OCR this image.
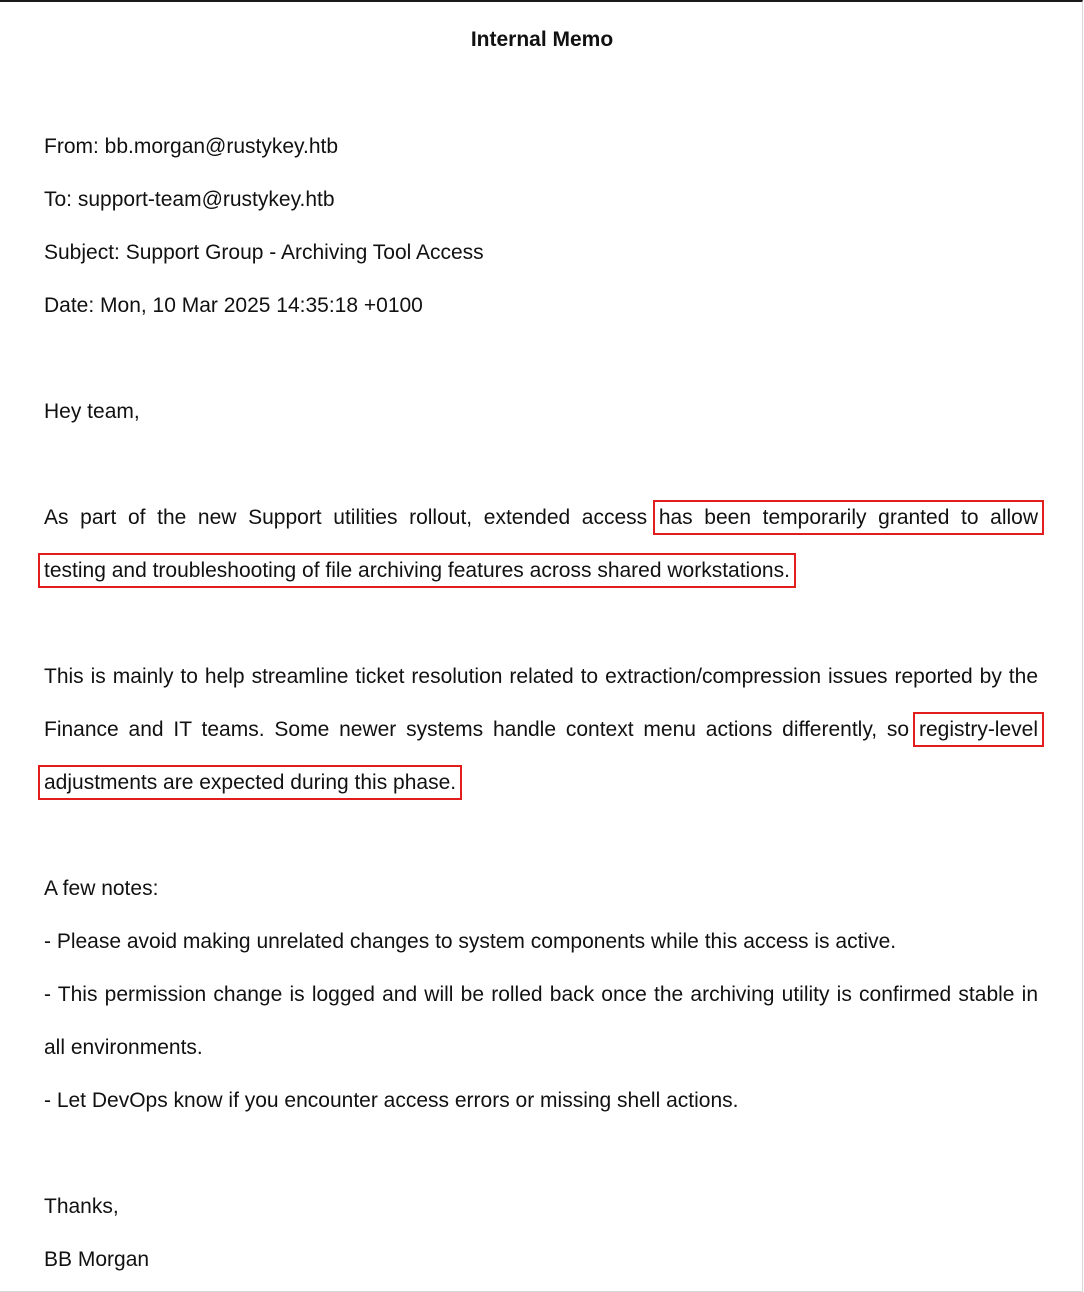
Internal Memo

From: bb.morgan@rustykey.htb

To: support-team@rustykey.htb

Subject: Support Group - Archiving Tool Access

Date: Mon, 10 Mar 2025 14:35:18 +0100

Hey team,

As part of the new Support utilities rollout, extended access has been temporarily granted to allow

testing and troubleshooting of file archiving features across shared workstations.

This is mainly to help streamline ticket resolution related to extraction/compression issues reported by the Finance and IT teams. Some newer systems handle context menu actions differently, so registry-level adjustments are expected during this phase.

A few notes:

- Please avoid making unrelated changes to system components while this access is active.

- This permission change is logged and will be rolled back once the archiving utility is confirmed stable in all environments.

- Let DevOps know if you encounter access errors or missing shell actions.

Thanks,

BB Morgan
